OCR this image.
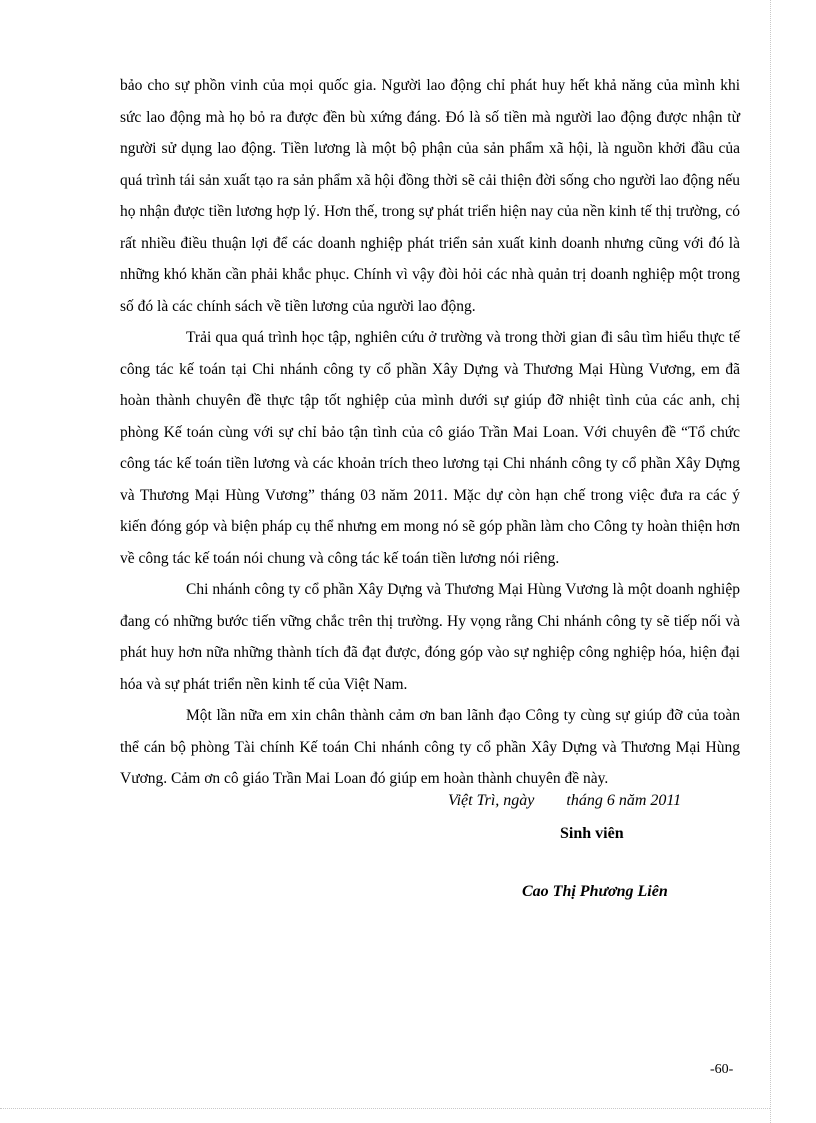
bảo cho sự phồn vinh của mọi quốc gia. Người lao động chỉ phát huy hết khả năng của mình khi sức lao động mà họ bỏ ra được đền bù xứng đáng. Đó là số tiền mà người lao động được nhận từ người sử dụng lao động. Tiền lương là một bộ phận của sản phẩm xã hội, là nguồn khởi đầu của quá trình tái sản xuất tạo ra sản phẩm xã hội đồng thời sẽ cải thiện đời sống cho người lao động nếu họ nhận được tiền lương hợp lý. Hơn thế, trong sự phát triển hiện nay của nền kinh tế thị trường, có rất nhiều điều thuận lợi để các doanh nghiệp phát triển sản xuất kinh doanh nhưng cũng với đó là những khó khăn cần phải khắc phục. Chính vì vậy đòi hỏi các nhà quản trị doanh nghiệp một trong số đó là các chính sách về tiền lương của người lao động.

Trải qua quá trình học tập, nghiên cứu ở trường và trong thời gian đi sâu tìm hiểu thực tế công tác kế toán tại Chi nhánh công ty cổ phần Xây Dựng và Thương Mại Hùng Vương, em đã hoàn thành chuyên đề thực tập tốt nghiệp của mình dưới sự giúp đỡ nhiệt tình của các anh, chị phòng Kế toán cùng với sự chỉ bảo tận tình của cô giáo Trần Mai Loan. Với chuyên đề “Tổ chức công tác kế toán tiền lương và các khoản trích theo lương tại Chi nhánh công ty cổ phần Xây Dựng và Thương Mại Hùng Vương” tháng 03 năm 2011. Mặc dự còn hạn chế trong việc đưa ra các ý kiến đóng góp và biện pháp cụ thể nhưng em mong nó sẽ góp phần làm cho Công ty hoàn thiện hơn về công tác kế toán nói chung và công tác kế toán tiền lương nói riêng.

Chi nhánh công ty cổ phần Xây Dựng và Thương Mại Hùng Vương là một doanh nghiệp đang có những bước tiến vững chắc trên thị trường. Hy vọng rằng Chi nhánh công ty sẽ tiếp nối và phát huy hơn nữa những thành tích đã đạt được, đóng góp vào sự nghiệp công nghiệp hóa, hiện đại hóa và sự phát triển nền kinh tế của Việt Nam.

Một lần nữa em xin chân thành cảm ơn ban lãnh đạo Công ty cùng sự giúp đỡ của toàn thể cán bộ phòng Tài chính Kế toán Chi nhánh công ty cổ phần Xây Dựng và Thương Mại Hùng Vương. Cảm ơn cô giáo Trần Mai Loan đó giúp em hoàn thành chuyên đề này.

Việt Trì, ngày        tháng 6 năm 2011
Sinh viên
Cao Thị Phương Liên
-60-
